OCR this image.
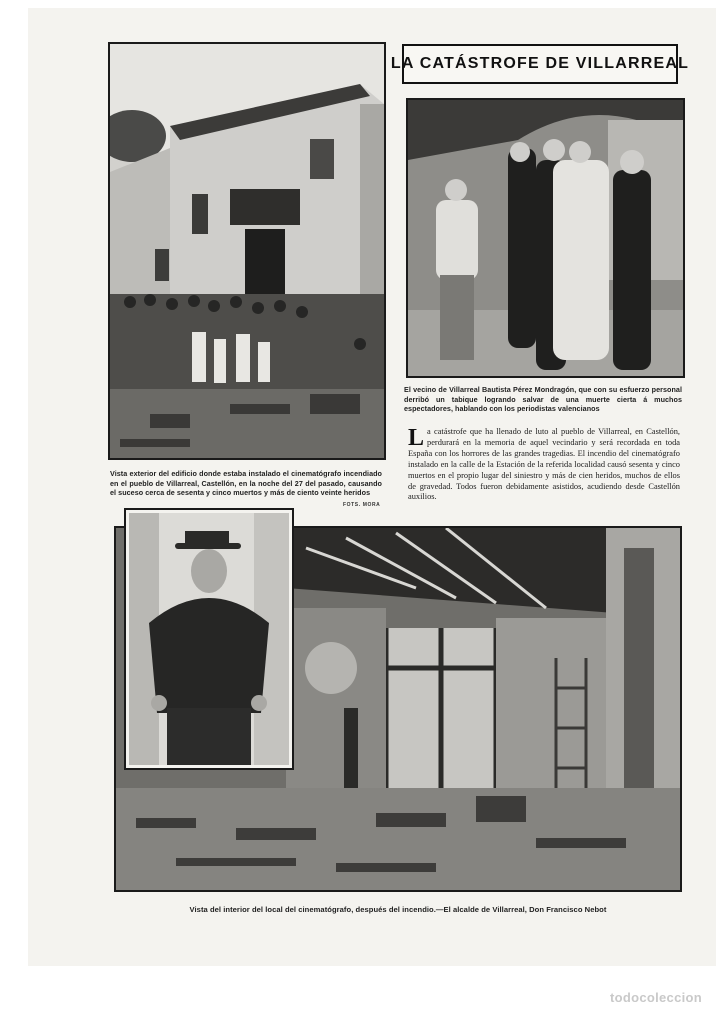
LA CATÁSTROFE DE VILLARREAL
El vecino de Villarreal Bautista Pérez Mondragón, que con su esfuerzo personal derribó un tabique logrando salvar de una muerte cierta á muchos espectadores, hablando con los periodistas valencianos
La catástrofe que ha llenado de luto al pueblo de Villarreal, en Castellón, perdurará en la memoria de aquel vecindario y será recordada en toda España con los horrores de las grandes tragedias. El incendio del cinematógrafo instalado en la calle de la Estación de la referida localidad causó sesenta y cinco muertos en el propio lugar del siniestro y más de cien heridos, muchos de ellos de gravedad. Todos fueron debidamente asistidos, acudiendo desde Castellón auxilios.
Vista exterior del edificio donde estaba instalado el cinematógrafo incendiado en el pueblo de Villarreal, Castellón, en la noche del 27 del pasado, causando el suceso cerca de sesenta y cinco muertos y más de ciento veinte heridos
FOTS. MORA
Vista del interior del local del cinematógrafo, después del incendio.—El alcalde de Villarreal, Don Francisco Nebot
todocoleccion
